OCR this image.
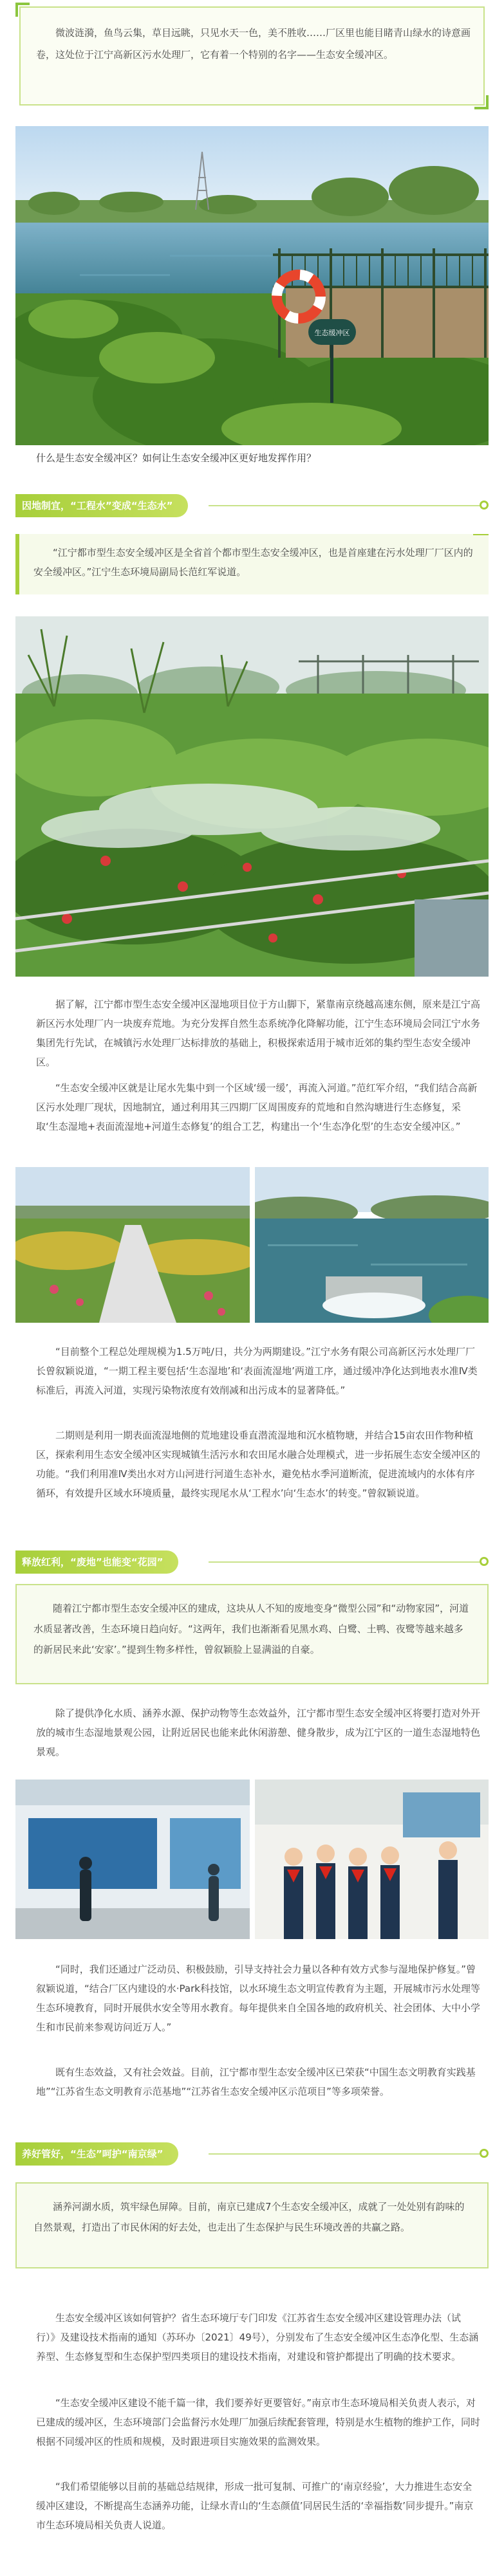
微波涟漪，鱼鸟云集，草目远眺，只见水天一色，美不胜收……厂区里也能目睹青山绿水的诗意画卷，这处位于江宁高新区污水处理厂，它有着一个特别的名字——生态安全缓冲区。

生态缓冲区

什么是生态安全缓冲区？如何让生态安全缓冲区更好地发挥作用？

因地制宜，“工程水”变成“生态水”

“江宁都市型生态安全缓冲区是全省首个都市型生态安全缓冲区，也是首座建在污水处理厂厂区内的安全缓冲区。”江宁生态环境局副局长范红军说道。

据了解，江宁都市型生态安全缓冲区湿地项目位于方山脚下，紧靠南京绕越高速东侧，原来是江宁高新区污水处理厂内一块废弃荒地。为充分发挥自然生态系统净化降解功能，江宁生态环境局会同江宁水务集团先行先试，在城镇污水处理厂达标排放的基础上，积极探索适用于城市近郊的集约型生态安全缓冲区。

“生态安全缓冲区就是让尾水先集中到一个区域‘缓一缓’，再流入河道。”范红军介绍，“我们结合高新区污水处理厂现状，因地制宜，通过利用其三四期厂区周围废弃的荒地和自然沟塘进行生态修复，采取‘生态湿地+表面流湿地+河道生态修复’的组合工艺，构建出一个‘生态净化型’的生态安全缓冲区。”

“目前整个工程总处理规模为1.5万吨/日，共分为两期建设。”江宁水务有限公司高新区污水处理厂厂长曾叙颖说道，“一期工程主要包括‘生态湿地’和‘表面流湿地’两道工序，通过缓冲净化达到地表水准Ⅳ类标准后，再流入河道，实现污染物浓度有效削减和出污成本的显著降低。”

二期则是利用一期表面流湿地侧的荒地建设垂直潜流湿地和沉水植物塘，并结合15亩农田作物种植区，探索利用生态安全缓冲区实现城镇生活污水和农田尾水融合处理模式，进一步拓展生态安全缓冲区的功能。“我们利用准Ⅳ类出水对方山河进行河道生态补水，避免枯水季河道断流，促进流域内的水体有序循环，有效提升区域水环境质量，最终实现尾水从‘工程水’向‘生态水’的转变。”曾叙颖说道。

释放红利，“废地”也能变“花园”

随着江宁都市型生态安全缓冲区的建成，这块从人不知的废地变身“微型公园”和“动物家园”，河道水质显著改善，生态环境日趋向好。“这两年，我们也渐渐看见黑水鸡、白鹭、土鸭、夜鹭等越来越多的新居民来此‘安家’。”提到生物多样性，曾叙颖脸上显满溢的自豪。

除了提供净化水质、涵养水源、保护动物等生态效益外，江宁都市型生态安全缓冲区将要打造对外开放的城市生态湿地景观公园，让附近居民也能来此休闲游憩、健身散步，成为江宁区的一道生态湿地特色景观。

“同时，我们还通过广泛动员、积极鼓励，引导支持社会力量以各种有效方式参与湿地保护修复。”曾叙颖说道，“结合厂区内建设的水·Park科技馆，以水环境生态文明宣传教育为主题，开展城市污水处理等生态环境教育，同时开展供水安全等用水教育。每年提供来自全国各地的政府机关、社会团体、大中小学生和市民前来参观访问近万人。”

既有生态效益，又有社会效益。目前，江宁都市型生态安全缓冲区已荣获“中国生态文明教育实践基地”“江苏省生态文明教育示范基地”“江苏省生态安全缓冲区示范项目”等多项荣誉。

养好管好，“生态”呵护“南京绿”

涵养河湖水质，筑牢绿色屏障。目前，南京已建成7个生态安全缓冲区，成就了一处处别有韵味的自然景观，打造出了市民休闲的好去处，也走出了生态保护与民生环境改善的共赢之路。

生态安全缓冲区该如何管护？省生态环境厅专门印发《江苏省生态安全缓冲区建设管理办法（试行）》及建设技术指南的通知（苏环办〔2021〕49号），分别发布了生态安全缓冲区生态净化型、生态涵养型、生态修复型和生态保护型四类项目的建设技术指南，对建设和管护都提出了明确的技术要求。

“生态安全缓冲区建设不能千篇一律，我们要养好更要管好。”南京市生态环境局相关负责人表示，对已建成的缓冲区，生态环境部门会监督污水处理厂加强后续配套管理，特别是水生植物的维护工作，同时根据不同缓冲区的性质和规模，及时跟进项目实施效果的监测效果。

“我们希望能够以目前的基础总结规律，形成一批可复制、可推广的‘南京经验’，大力推进生态安全缓冲区建设，不断提高生态涵养功能，让绿水青山的‘生态颜值’同居民生活的‘幸福指数’同步提升。”南京市生态环境局相关负责人说道。
